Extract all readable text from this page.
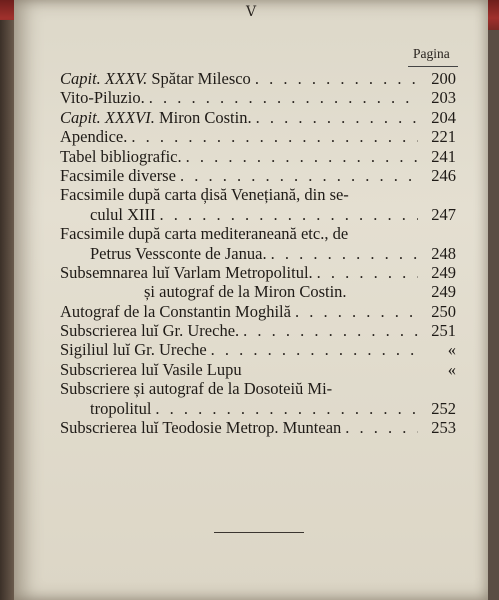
V
Pagina
Capit. XXXV. Spătar Milesco . . .	200
Vito-Piluzio. . . .	203
Capit. XXXVI. Miron Costin. . . .	204
Apendice. . . .	221
Tabel bibliografic. . . .	241
Facsimile diverse . . .	246
Facsimile după carta ḑisă Venețiană, din se-
culul XIII . . .	247
Facsimile după carta mediteraneană etc., de
Petrus Vessconte de Janua. . . .	248
Subsemnarea luĭ Varlam Metropolitul. . . .	249
și autograf de la Miron Costin.	249
Autograf de la Constantin Moghilă . . .	250
Subscrierea luĭ Gr. Ureche. . . .	251
Sigiliul luĭ Gr. Ureche . . .	«
Subscrierea luĭ Vasile Lupu	«
Subscriere și autograf de la Dosoteiŭ Mi-
tropolitul . . .	252
Subscrierea luĭ Teodosie Metrop. Muntean . . .	253
